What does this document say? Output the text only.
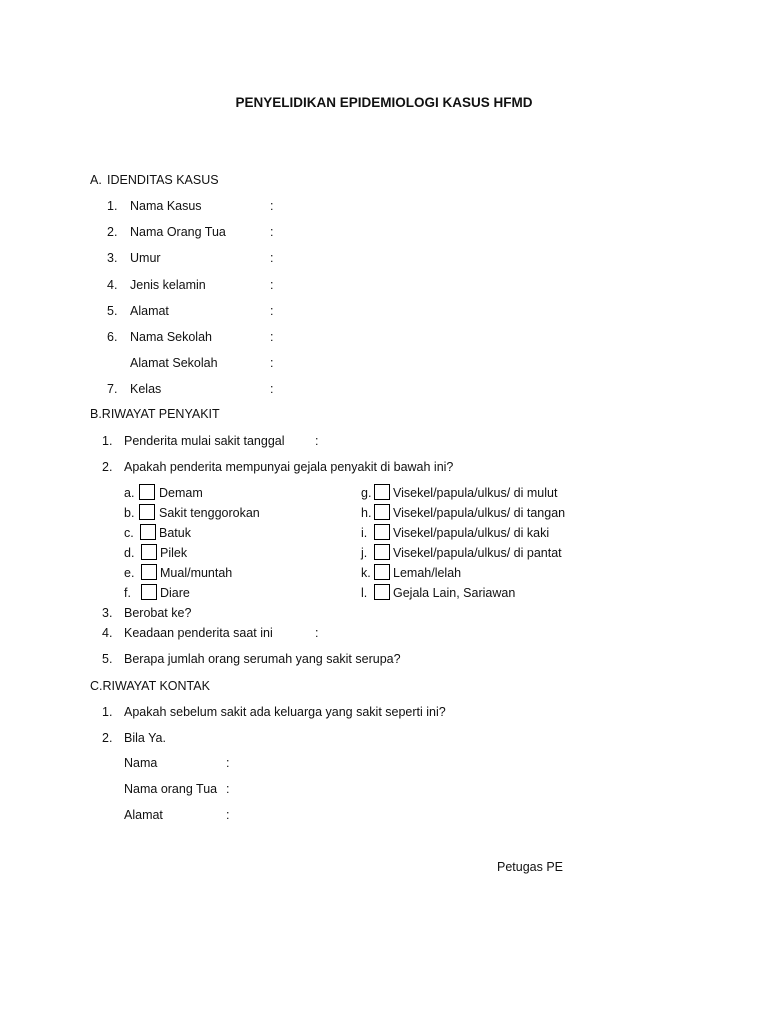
PENYELIDIKAN EPIDEMIOLOGI KASUS HFMD
A. IDENDITAS KASUS
1. Nama Kasus	:
2. Nama Orang Tua	:
3. Umur	:
4. Jenis kelamin	:
5. Alamat	:
6. Nama Sekolah	:
Alamat Sekolah	:
7. Kelas	:
B.RIWAYAT PENYAKIT
1. Penderita mulai sakit tanggal :
2. Apakah penderita mempunyai gejala penyakit di bawah ini?
a. Demam
b. Sakit tenggorokan
c. Batuk
d. Pilek
e. Mual/muntah
f. Diare
g. Visekel/papula/ulkus/ di mulut
h. Visekel/papula/ulkus/ di tangan
i. Visekel/papula/ulkus/ di kaki
j. Visekel/papula/ulkus/ di pantat
k. Lemah/lelah
l. Gejala Lain, Sariawan
3. Berobat ke?
4. Keadaan penderita saat ini	:
5. Berapa jumlah orang serumah yang sakit serupa?
C.RIWAYAT KONTAK
1. Apakah sebelum sakit ada keluarga yang sakit seperti ini?
2. Bila Ya.
Nama	:
Nama orang Tua :
Alamat	:
Petugas PE
